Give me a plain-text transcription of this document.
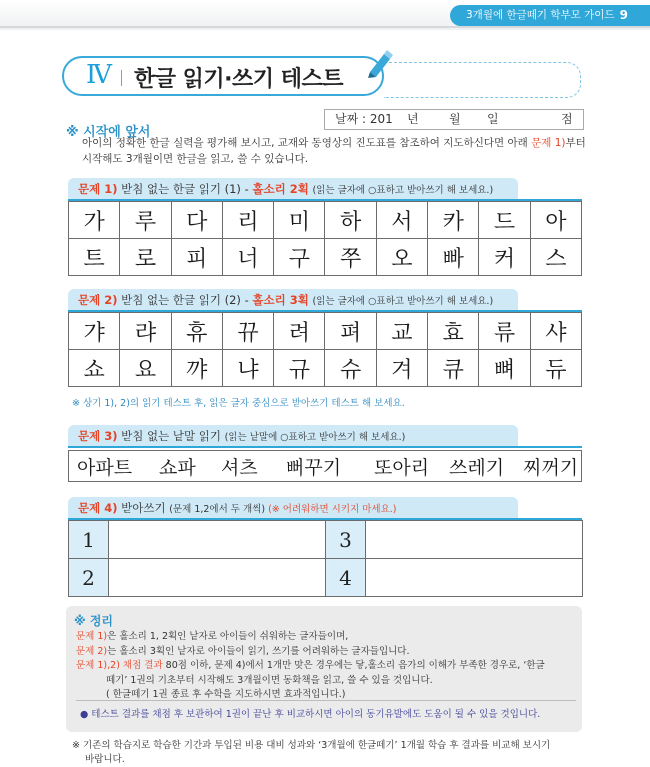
3개월에 한글떼기 학부모 가이드 9
Ⅳ 한글 읽기·쓰기 테스트
※ 시작에 앞서
날짜 : 201 년	월 일	점
아이의 정확한 한글 실력을 평가해 보시고, 교재와 동영상의 진도표를 참조하여 지도하신다면 아래 문제 1)부터 시작해도 3개월이면 한글을 읽고, 쓸 수 있습니다.
문제 1) 받침 없는 한글 읽기 (1) - 홀소리 2획 (읽는 글자에 ○표하고 받아쓰기 해 보세요.)
가	루	다	리	미	하	서	카	드	아
트	로	피	너	구	쭈	오	빠	커	스
문제 2) 받침 없는 한글 읽기 (2) - 홀소리 3획 (읽는 글자에 ○표하고 받아쓰기 해 보세요.)
갸	랴	휴	뀨	려	펴	교	효	류	샤
쇼	요	꺄	냐	규	슈	겨	큐	뼈	듀
※ 상기 1), 2)의 읽기 테스트 후, 읽은 글자 중심으로 받아쓰기 테스트 해 보세요.
문제 3) 받침 없는 낱말 읽기 (읽는 낱말에 ○표하고 받아쓰기 해 보세요.)
아파트 쇼파 셔츠 뻐꾸기 또아리 쓰레기 찌꺼기
문제 4) 받아쓰기 (문제 1,2에서 두 개씩) (※ 어려워하면 시키지 마세요.)
1		3	
2		4	
※ 정리
문제 1)은 홀소리 1, 2획인 낱자로 아이들이 쉬워하는 글자들이며,
문제 2)는 홀소리 3획인 낱자로 아이들이 읽기, 쓰기를 어려워하는 글자들입니다.
문제 1),2) 채점 결과 80점 이하, 문제 4)에서 1개만 맞은 경우에는 닿,홀소리 음가의 이해가 부족한 경우로, ‘한글
떼기’ 1권의 기초부터 시작해도 3개월이면 동화책을 읽고, 쓸 수 있을 것입니다.
( 한글떼기 1권 종료 후 수학을 지도하시면 효과적입니다.)
● 테스트 결과를 채점 후 보관하여 1권이 끝난 후 비교하시면 아이의 동기유발에도 도움이 될 수 있을 것입니다.
※ 기존의 학습지로 학습한 기간과 투입된 비용 대비 성과와 ‘3개월에 한글떼기’ 1개월 학습 후 결과를 비교해 보시기
바랍니다.
